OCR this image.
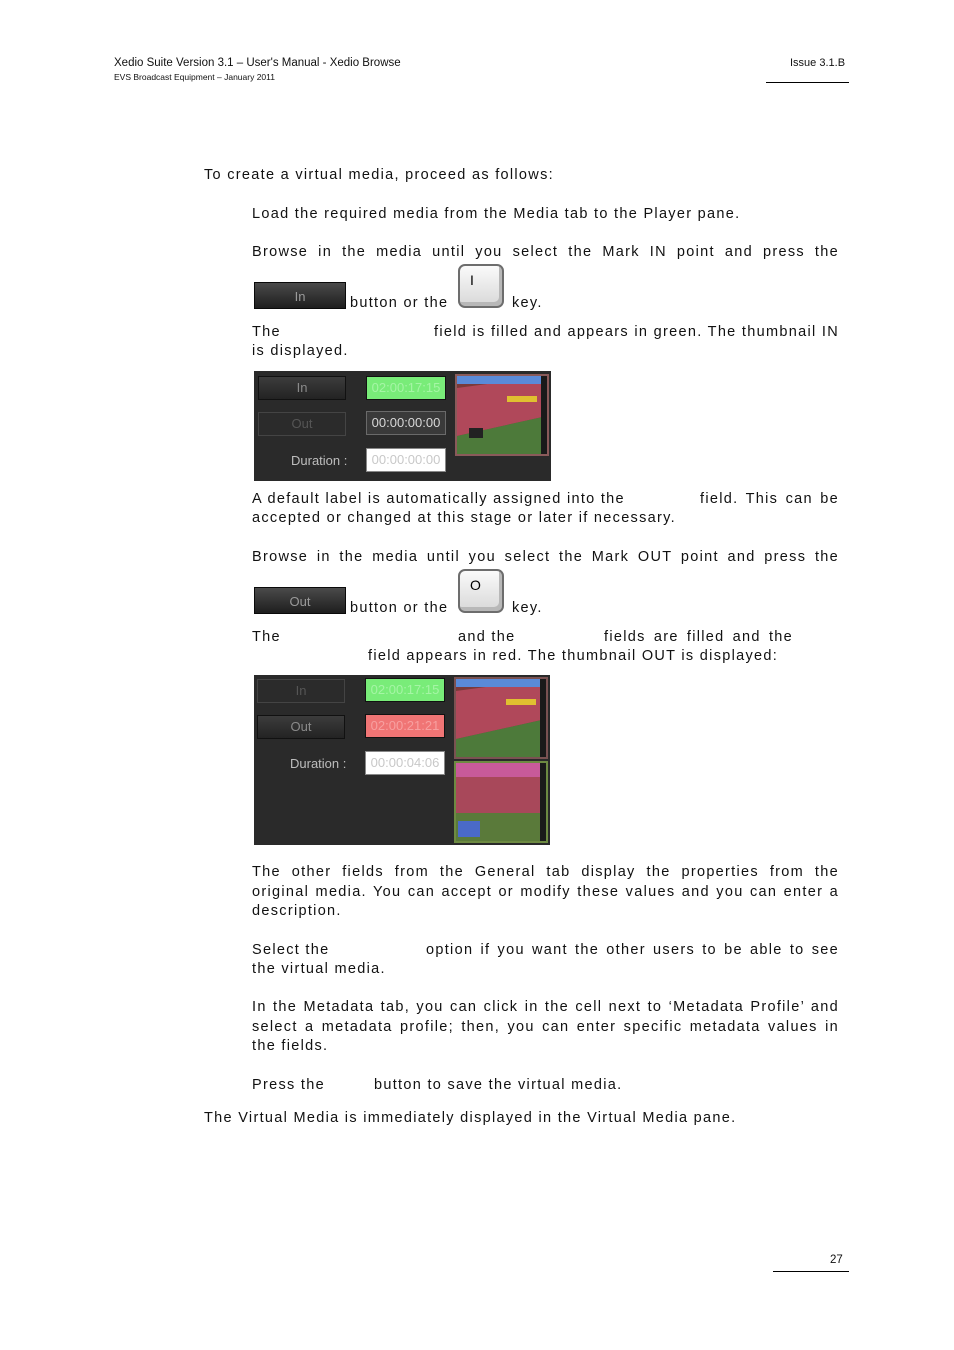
Xedio Suite Version 3.1 – User's Manual - Xedio Browse
EVS Broadcast Equipment – January 2011
Issue 3.1.B
To create a virtual media, proceed as follows:
Load the required media from the Media tab to the Player pane.
Browse in the media until you select the Mark IN point and press the
In	button or the
I
key.
The	field is filled and appears in green. The thumbnail IN
is displayed.
In
Out
Duration :
02:00:17:15
00:00:00:00
00:00:00:00
A default label is automatically assigned into the	field. This can be
accepted or changed at this stage or later if necessary.
Browse in the media until you select the Mark OUT point and press the
Out	button or the
O
key.
The	and the	fields are filled and the
field appears in red. The thumbnail OUT is displayed:
In
Out
Duration :
02:00:17:15
02:00:21:21
00:00:04:06
The other fields from the General tab display the properties from the
original media. You can accept or modify these values and you can enter a
description.
Select the	option if you want the other users to be able to see
the virtual media.
In the Metadata tab, you can click in the cell next to ‘Metadata Profile’ and
select a metadata profile; then, you can enter specific metadata values in
the fields.
Press the	button to save the virtual media.
The Virtual Media is immediately displayed in the Virtual Media pane.
27
